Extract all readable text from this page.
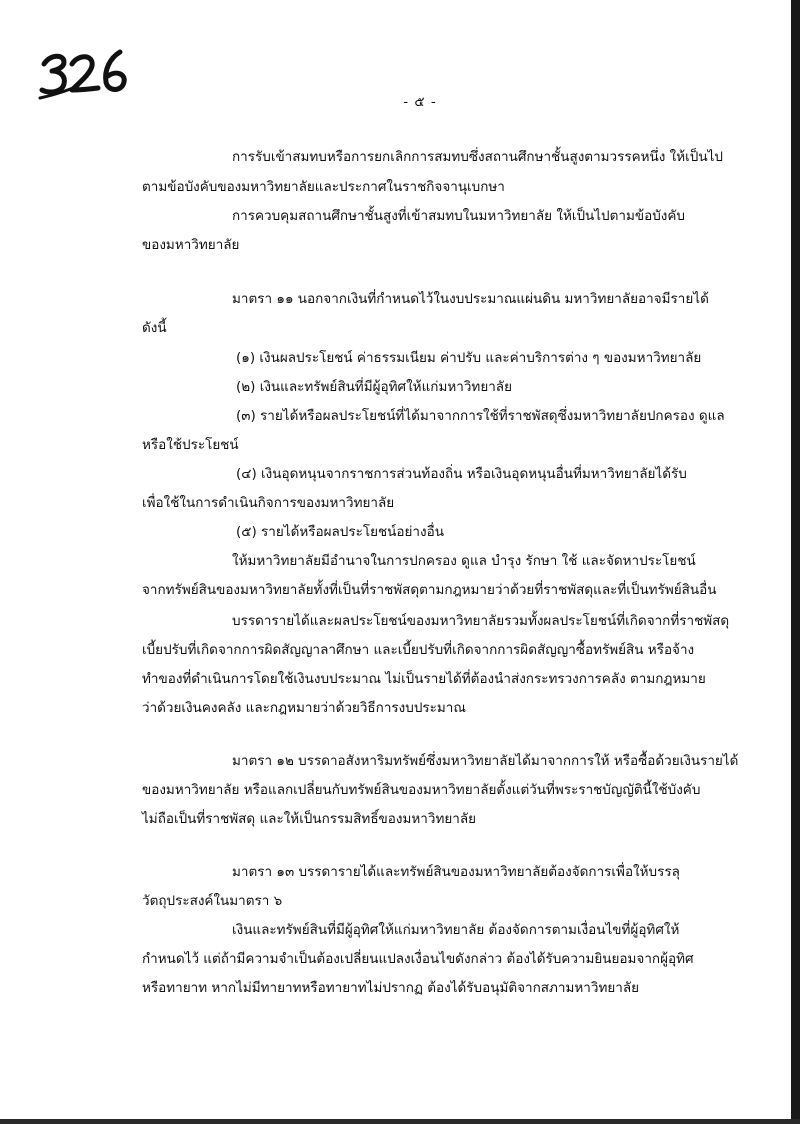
- ๕ -
การรับเข้าสมทบหรือการยกเลิกการสมทบซึ่งสถานศึกษาชั้นสูงตามวรรคหนึ่ง ให้เป็นไป
ตามข้อบังคับของมหาวิทยาลัยและประกาศในราชกิจจานุเบกษา
การควบคุมสถานศึกษาชั้นสูงที่เข้าสมทบในมหาวิทยาลัย ให้เป็นไปตามข้อบังคับ
ของมหาวิทยาลัย
มาตรา ๑๑ นอกจากเงินที่กำหนดไว้ในงบประมาณแผ่นดิน มหาวิทยาลัยอาจมีรายได้
ดังนี้
(๑) เงินผลประโยชน์ ค่าธรรมเนียม ค่าปรับ และค่าบริการต่าง ๆ ของมหาวิทยาลัย
(๒) เงินและทรัพย์สินที่มีผู้อุทิศให้แก่มหาวิทยาลัย
(๓) รายได้หรือผลประโยชน์ที่ได้มาจากการใช้ที่ราชพัสดุซึ่งมหาวิทยาลัยปกครอง ดูแล
หรือใช้ประโยชน์
(๔) เงินอุดหนุนจากราชการส่วนท้องถิ่น หรือเงินอุดหนุนอื่นที่มหาวิทยาลัยได้รับ
เพื่อใช้ในการดำเนินกิจการของมหาวิทยาลัย
(๕) รายได้หรือผลประโยชน์อย่างอื่น
ให้มหาวิทยาลัยมีอำนาจในการปกครอง ดูแล บำรุง รักษา ใช้ และจัดหาประโยชน์
จากทรัพย์สินของมหาวิทยาลัยทั้งที่เป็นที่ราชพัสดุตามกฎหมายว่าด้วยที่ราชพัสดุและที่เป็นทรัพย์สินอื่น
บรรดารายได้และผลประโยชน์ของมหาวิทยาลัยรวมทั้งผลประโยชน์ที่เกิดจากที่ราชพัสดุ
เบี้ยปรับที่เกิดจากการผิดสัญญาลาศึกษา และเบี้ยปรับที่เกิดจากการผิดสัญญาซื้อทรัพย์สิน หรือจ้าง
ทำของที่ดำเนินการโดยใช้เงินงบประมาณ ไม่เป็นรายได้ที่ต้องนำส่งกระทรวงการคลัง ตามกฎหมาย
ว่าด้วยเงินคงคลัง และกฎหมายว่าด้วยวิธีการงบประมาณ
มาตรา ๑๒ บรรดาอสังหาริมทรัพย์ซึ่งมหาวิทยาลัยได้มาจากการให้ หรือซื้อด้วยเงินรายได้
ของมหาวิทยาลัย หรือแลกเปลี่ยนกับทรัพย์สินของมหาวิทยาลัยตั้งแต่วันที่พระราชบัญญัตินี้ใช้บังคับ
ไม่ถือเป็นที่ราชพัสดุ และให้เป็นกรรมสิทธิ์ของมหาวิทยาลัย
มาตรา ๑๓ บรรดารายได้และทรัพย์สินของมหาวิทยาลัยต้องจัดการเพื่อให้บรรลุ
วัตถุประสงค์ในมาตรา ๖
เงินและทรัพย์สินที่มีผู้อุทิศให้แก่มหาวิทยาลัย ต้องจัดการตามเงื่อนไขที่ผู้อุทิศให้
กำหนดไว้ แต่ถ้ามีความจำเป็นต้องเปลี่ยนแปลงเงื่อนไขดังกล่าว ต้องได้รับความยินยอมจากผู้อุทิศ
หรือทายาท หากไม่มีทายาทหรือทายาทไม่ปรากฏ ต้องได้รับอนุมัติจากสภามหาวิทยาลัย
